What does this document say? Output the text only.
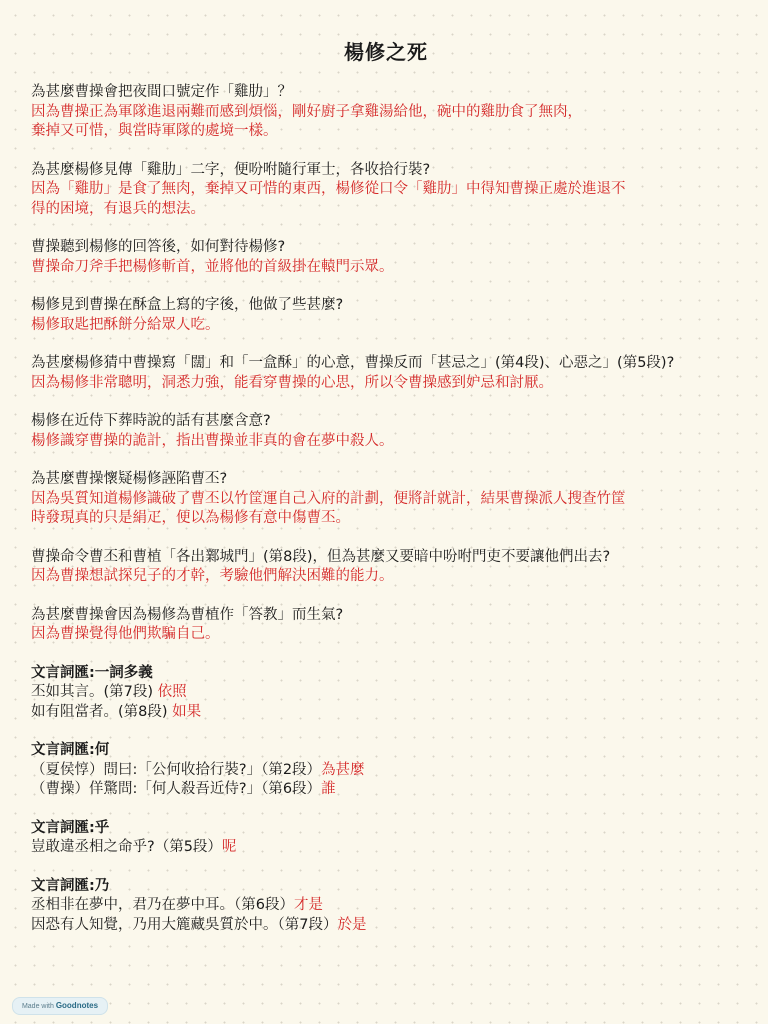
楊修之死
為甚麼曹操會把夜間口號定作「雞肋」？
因為曹操正為軍隊進退兩難而感到煩惱，剛好廚子拿雞湯給他，碗中的雞肋食了無肉，
棄掉又可惜，與當時軍隊的處境一樣。
為甚麼楊修見傳「雞肋」二字，便吩咐隨行軍士，各收拾行裝?
因為「雞肋」是食了無肉，棄掉又可惜的東西，楊修從口令「雞肋」中得知曹操正處於進退不
得的困境，有退兵的想法。
曹操聽到楊修的回答後，如何對待楊修?
曹操命刀斧手把楊修斬首，並將他的首級掛在轅門示眾。
楊修見到曹操在酥盒上寫的字後，他做了些甚麼?
楊修取匙把酥餅分給眾人吃。
為甚麼楊修猜中曹操寫「闊」和「一盒酥」的心意，曹操反而「甚忌之」(第4段)、心惡之」(第5段)?
因為楊修非常聰明，洞悉力強，能看穿曹操的心思，所以令曹操感到妒忌和討厭。
楊修在近侍下葬時說的話有甚麼含意?
楊修識穿曹操的詭計，指出曹操並非真的會在夢中殺人。
為甚麼曹操懷疑楊修誣陷曹丕?
因為吳質知道楊修識破了曹丕以竹筐運自己入府的計劃，便將計就計，結果曹操派人搜查竹筐
時發現真的只是絹疋，便以為楊修有意中傷曹丕。
曹操命令曹丕和曹植「各出鄴城門」(第8段)，但為甚麼又要暗中吩咐門吏不要讓他們出去?
因為曹操想試探兒子的才幹，考驗他們解決困難的能力。
為甚麼曹操會因為楊修為曹植作「答教」而生氣?
因為曹操覺得他們欺騙自己。
文言詞匯:一詞多義
丕如其言。(第7段) 依照
如有阻當者。(第8段) 如果
文言詞匯:何
（夏侯惇）問曰:「公何收拾行裝?」（第2段）為甚麼
（曹操）佯驚問:「何人殺吾近侍?」（第6段）誰
文言詞匯:乎
豈敢違丞相之命乎?（第5段）呢
文言詞匯:乃
丞相非在夢中，君乃在夢中耳。（第6段）才是
因恐有人知覺，乃用大簏藏吳質於中。（第7段）於是
Made with Goodnotes
